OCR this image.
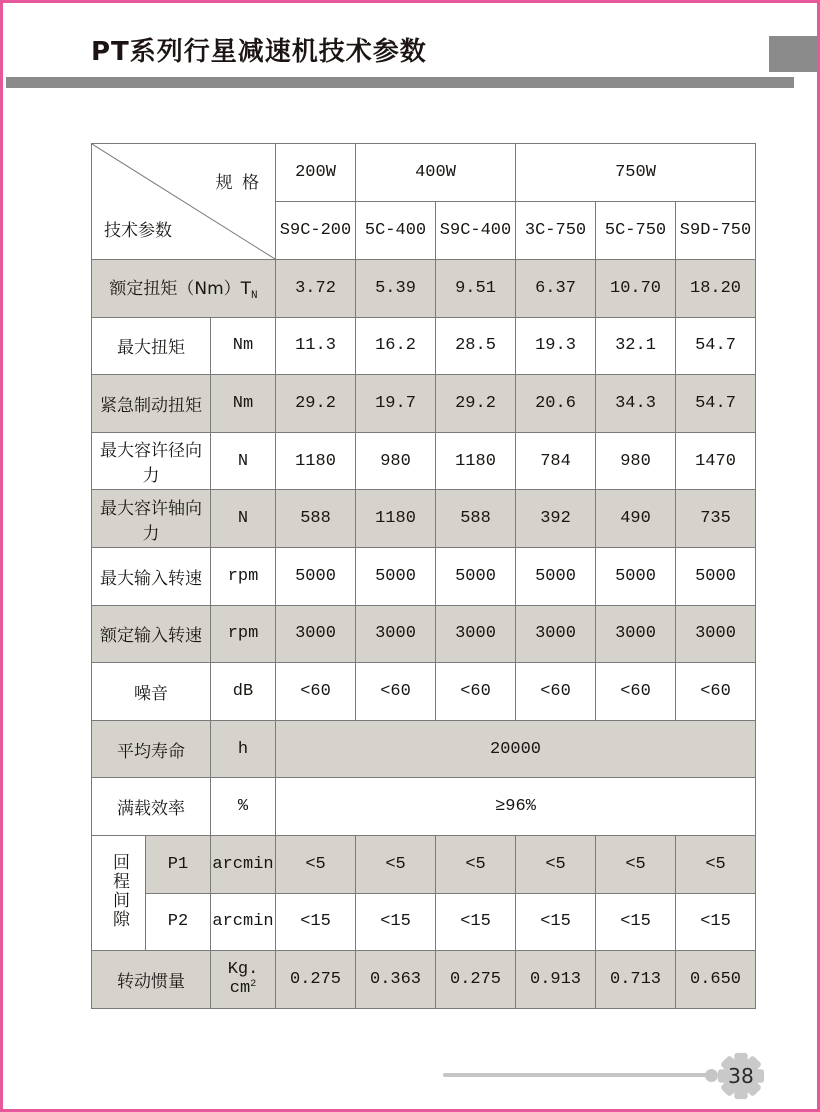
PT系列行星减速机技术参数
规 格
技术参数			200W	400W		750W		
			S9C-200	5C-400	S9C-400	3C-750	5C-750	S9D-750
额定扭矩$(Nm)T_N$			3.72	5.39	9.51	6.37	10.70	18.20
最大扭矩		Nm	11.3	16.2	28.5	19.3	32.1	54.7
紧急制动扭矩		Nm	29.2	19.7	29.2	20.6	34.3	54.7
最大容许径向力		N	1180	980	1180	784	980	1470
最大容许轴向力		N	588	1180	588	392	490	735
最大输入转速		rpm	5000	5000	5000	5000	5000	5000
额定输入转速		rpm	3000	3000	3000	3000	3000	3000
噪音		dB	<60	<60	<60	<60	<60	<60
平均寿命		h	20000					
满载效率		%	≥96%					
回程间隙	P1	arcmin	<5	<5	<5	<5	<5	<5
	P2	arcmin	<15	<15	<15	<15	<15	<15
转动惯量		Kg. $cm^2$	0.275	0.363	0.275	0.913	0.713	0.650
38
